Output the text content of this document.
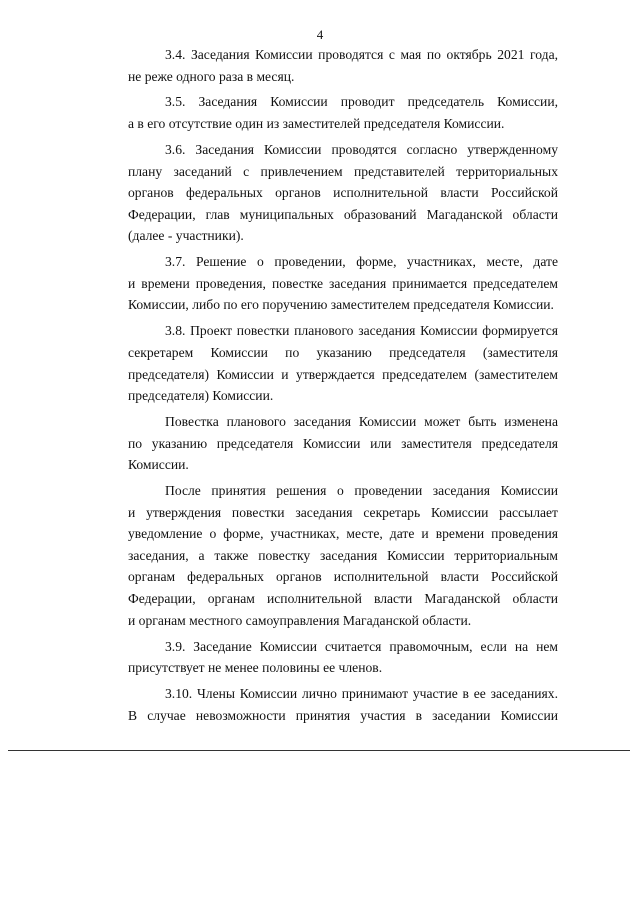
4

3.4. Заседания Комиссии проводятся с мая по октябрь 2021 года,
не реже одного раза в месяц.

3.5. Заседания Комиссии проводит председатель Комиссии,
а в его отсутствие один из заместителей председателя Комиссии.

3.6. Заседания Комиссии проводятся согласно утвержденному
плану заседаний с привлечением представителей территориальных
органов федеральных органов исполнительной власти Российской
Федерации, глав муниципальных образований Магаданской области
(далее - участники).

3.7. Решение о проведении, форме, участниках, месте, дате
и времени проведения, повестке заседания принимается председателем
Комиссии, либо по его поручению заместителем председателя Комиссии.

3.8. Проект повестки планового заседания Комиссии формируется
секретарем Комиссии по указанию председателя (заместителя
председателя) Комиссии и утверждается председателем (заместителем
председателя) Комиссии.

Повестка планового заседания Комиссии может быть изменена
по указанию председателя Комиссии или заместителя председателя
Комиссии.

После принятия решения о проведении заседания Комиссии
и утверждения повестки заседания секретарь Комиссии рассылает
уведомление о форме, участниках, месте, дате и времени проведения
заседания, а также повестку заседания Комиссии территориальным
органам федеральных органов исполнительной власти Российской
Федерации, органам исполнительной власти Магаданской области
и органам местного самоуправления Магаданской области.

3.9. Заседание Комиссии считается правомочным, если на нем
присутствует не менее половины ее членов.

3.10. Члены Комиссии лично принимают участие в ее заседаниях.
В случае невозможности принятия участия в заседании Комиссии
